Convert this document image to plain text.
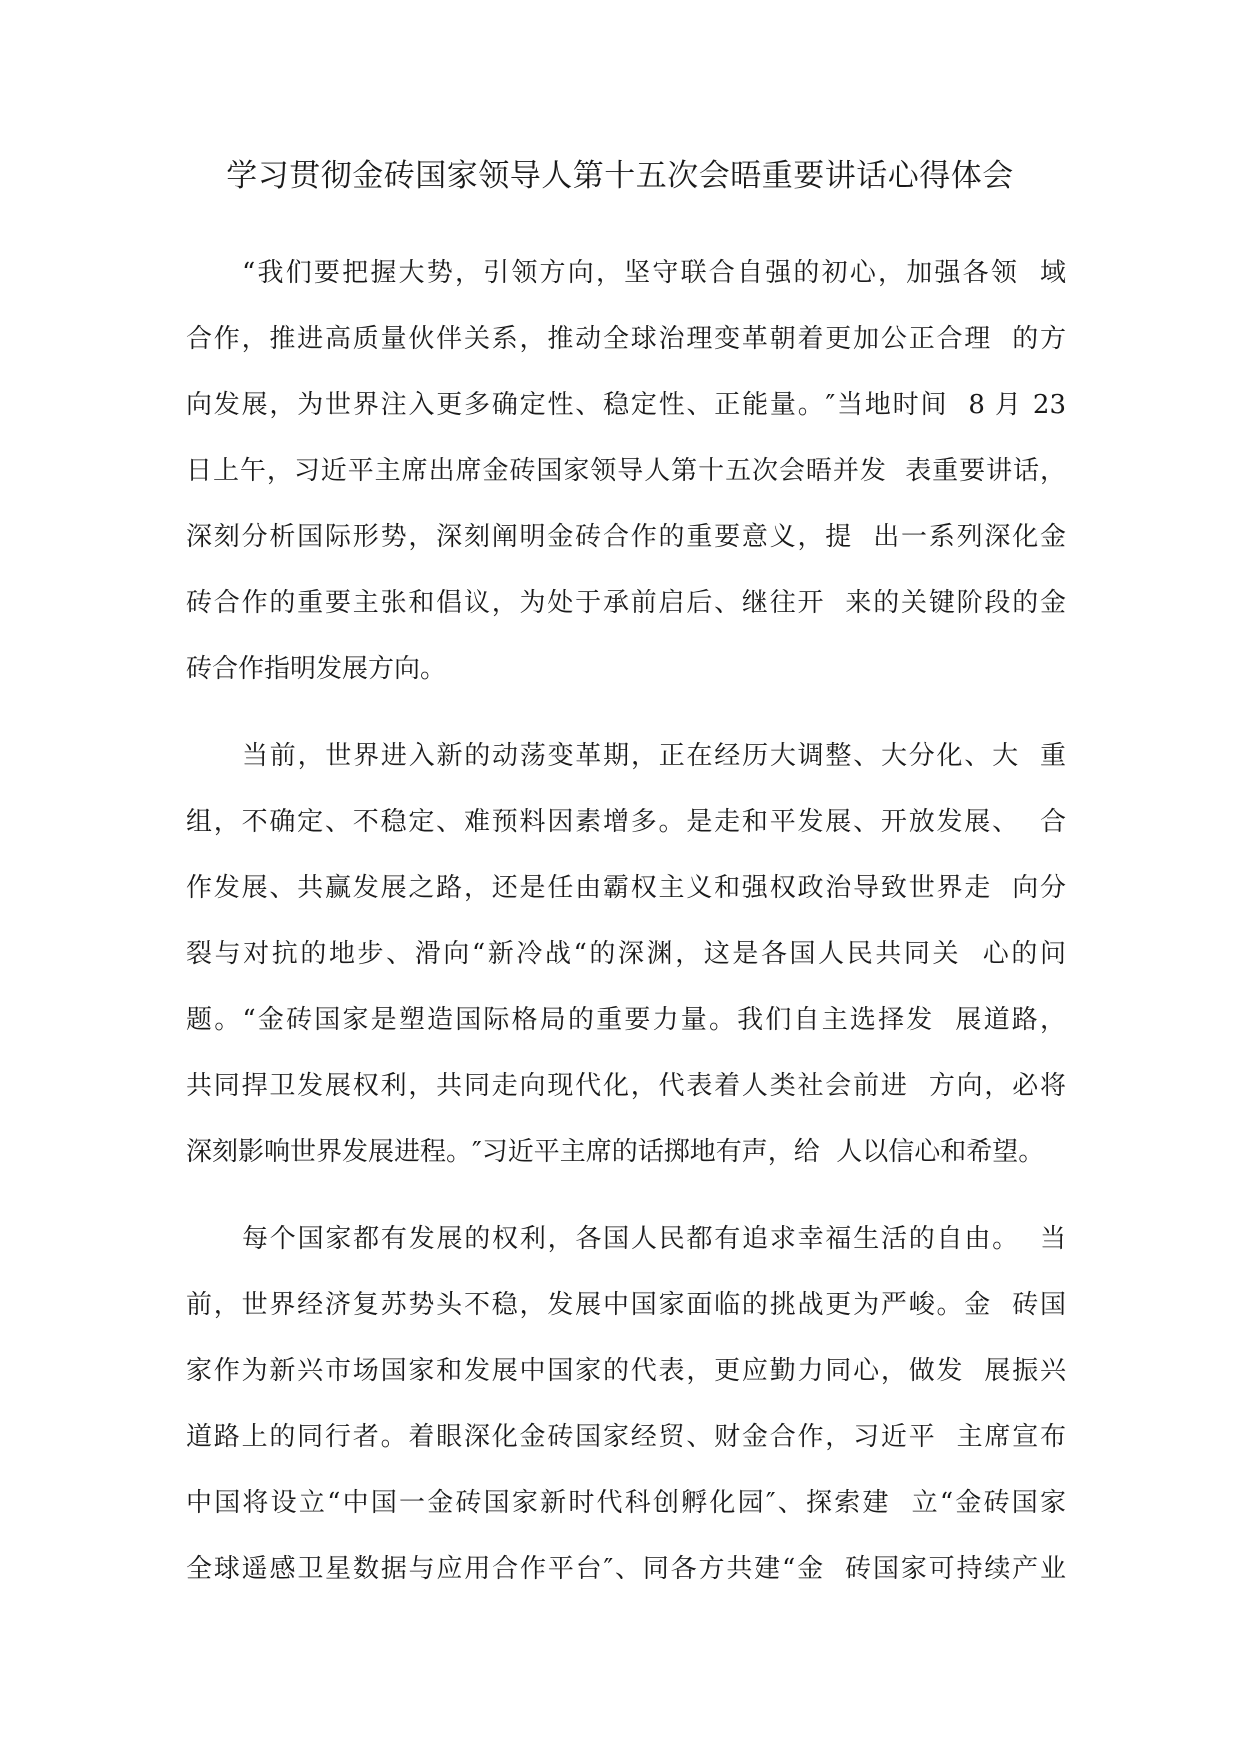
学习贯彻金砖国家领导人第十五次会晤重要讲话心得体会
“我们要把握大势，引领方向，坚守联合自强的初心，加强各领  域
合作，推进高质量伙伴关系，推动全球治理变革朝着更加公正合理  的方
向发展，为世界注入更多确定性、稳定性、正能量。″当地时间  8 月 23
日上午，习近平主席出席金砖国家领导人第十五次会晤并发  表重要讲话，
深刻分析国际形势，深刻阐明金砖合作的重要意义，提  出一系列深化金
砖合作的重要主张和倡议，为处于承前启后、继往开  来的关键阶段的金
砖合作指明发展方向。
当前，世界进入新的动荡变革期，正在经历大调整、大分化、大  重
组，不确定、不稳定、难预料因素增多。是走和平发展、开放发展、  合
作发展、共赢发展之路，还是任由霸权主义和强权政治导致世界走  向分
裂与对抗的地步、滑向“新冷战“的深渊，这是各国人民共同关  心的问
题。“金砖国家是塑造国际格局的重要力量。我们自主选择发  展道路，
共同捍卫发展权利，共同走向现代化，代表着人类社会前进  方向，必将
深刻影响世界发展进程。″习近平主席的话掷地有声，给  人以信心和希望。
每个国家都有发展的权利，各国人民都有追求幸福生活的自由。  当
前，世界经济复苏势头不稳，发展中国家面临的挑战更为严峻。金  砖国
家作为新兴市场国家和发展中国家的代表，更应勤力同心，做发  展振兴
道路上的同行者。着眼深化金砖国家经贸、财金合作，习近平  主席宣布
中国将设立“中国一金砖国家新时代科创孵化园″、探索建  立“金砖国家
全球遥感卫星数据与应用合作平台″、同各方共建“金  砖国家可持续产业
